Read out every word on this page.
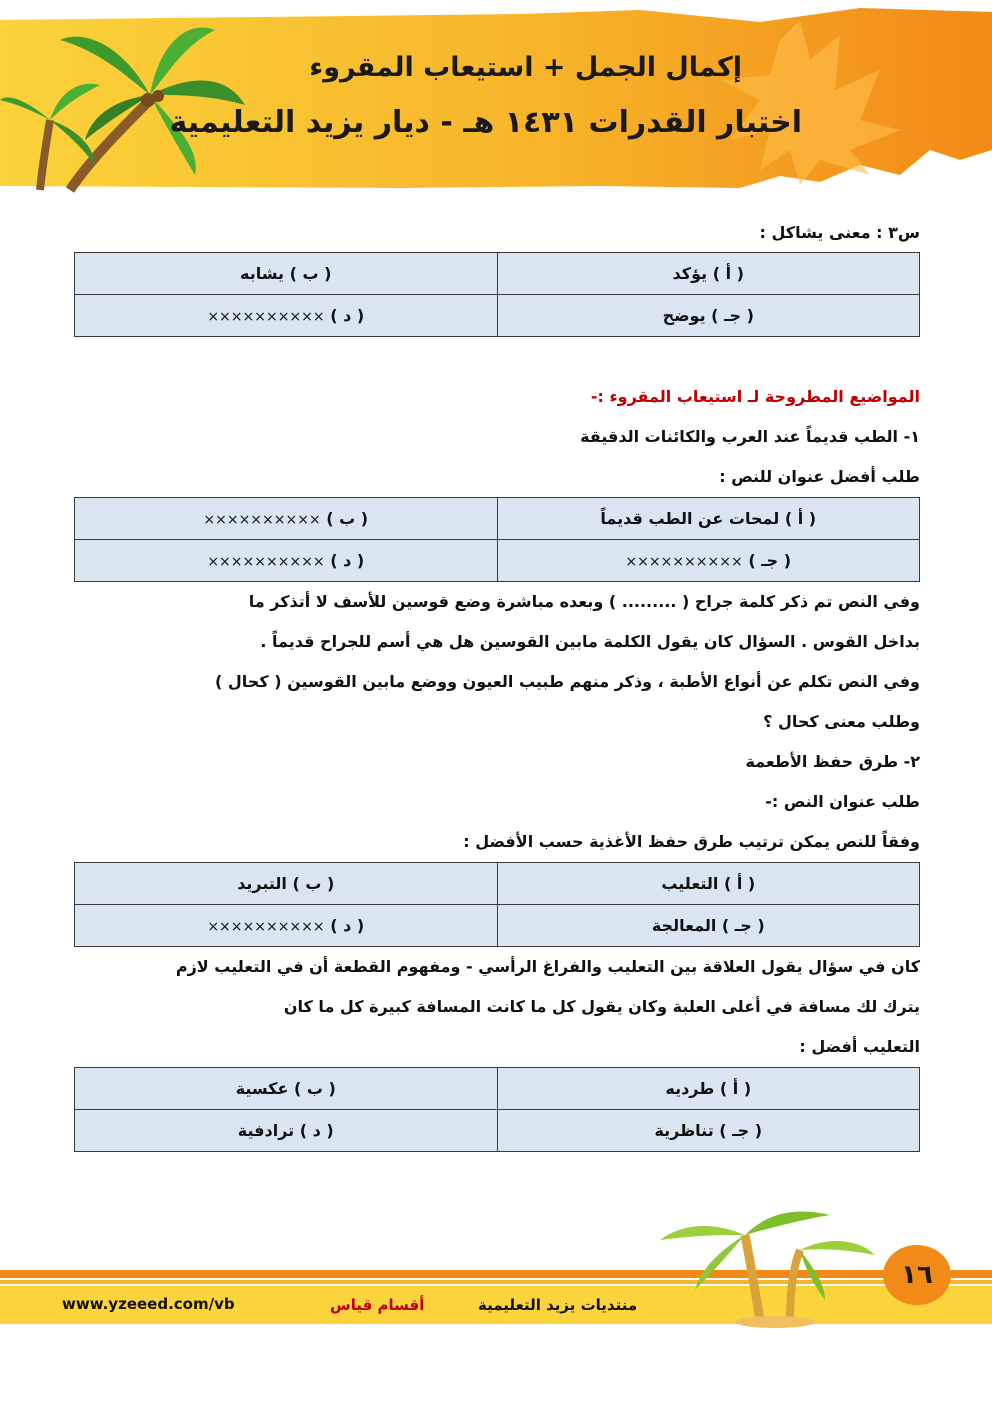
إكمال الجمل + استيعاب المقروء
اختبار القدرات ١٤٣١ هـ - ديار يزيد التعليمية
س٣ : معنى يشاكل :
( أ ) يؤكد	( ب ) يشابه
( جـ ) يوضح	( د ) ××××××××××
المواضيع المطروحة لـ استيعاب المقروء :-
١- الطب قديماً عند العرب والكائنات الدقيقة
طلب أفضل عنوان للنص :
( أ ) لمحات عن الطب قديماً	( ب ) ××××××××××
( جـ ) ××××××××××	( د ) ××××××××××
وفي النص تم ذكر كلمة جراح ( ......... ) وبعده مباشرة وضع قوسين للأسف لا أتذكر ما
بداخل القوس . السؤال كان يقول الكلمة مابين القوسين هل هي أسم للجراح قديماً .
وفي النص تكلم عن أنواع الأطبة ، وذكر منهم طبيب العيون ووضع مابين القوسين ( كحال )
وطلب معنى كحال ؟
٢- طرق حفظ الأطعمة
طلب عنوان النص :-
وفقاً للنص يمكن ترتيب طرق حفظ الأغذية حسب الأفضل :
( أ ) التعليب	( ب ) التبريد
( جـ ) المعالجة	( د ) ××××××××××
كان في سؤال يقول العلاقة بين التعليب والفراغ الرأسي - ومفهوم القطعة أن في التعليب لازم
يترك لك مسافة في أعلى العلبة وكان يقول كل ما كانت المسافة كبيرة كل ما كان
التعليب أفضل :
( أ ) طرديه	( ب ) عكسية
( جـ ) تناظرية	( د ) ترادفية
١٦
www.yzeeed.com/vb	أقسام قياس	منتديات يزيد التعليمية
